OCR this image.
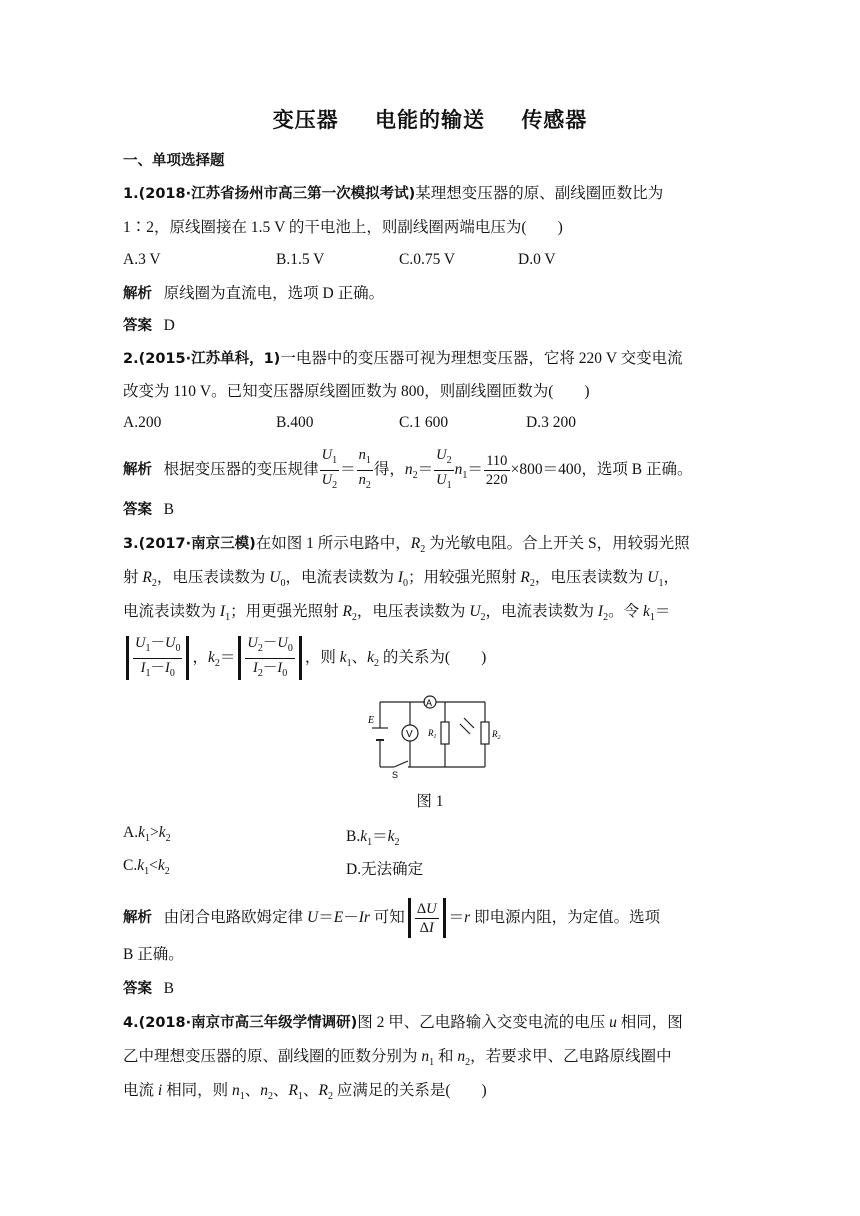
变压器 电能的输送 传感器
一、单项选择题
1.(2018·江苏省扬州市高三第一次模拟考试)某理想变压器的原、副线圈匝数比为
1∶2，原线圈接在 1.5 V 的干电池上，则副线圈两端电压为(　　)
A.3 V	B.1.5 V	C.0.75 V	D.0 V
解析 原线圈为直流电，选项 D 正确。
答案 D
2.(2015·江苏单科，1)一电器中的变压器可视为理想变压器，它将 220 V 交变电流
改变为 110 V。已知变压器原线圈匝数为 800，则副线圈匝数为(　　)
A.200	B.400	C.1 600	D.3 200
解析 根据变压器的变压规律 $\frac{U_1}{U_2} = \frac{n_1}{n_2}$ 得，$n_2= \frac{U_2}{U_1} n_1= \frac{110}{220} \times 800=400$，选项 B 正确。
答案 B
3.(2017·南京三模)在如图 1 所示电路中，$R_2$ 为光敏电阻。合上开关 S，用较弱光照
射 $R_2$，电压表读数为 $U_0$，电流表读数为 $I_0$；用较强光照射 $R_2$，电压表读数为 $U_1$，
电流表读数为 $I_1$；用更强光照射 $R_2$，电压表读数为 $U_2$，电流表读数为 $I_2$。令 $k_1=$
$\frac{U_1-U_0}{I_1-I_0}$ ，$k_2= \frac{U_2-U_0}{I_2-I_0}$ ，则 $k_1$、$k_2$ 的关系为(　　)
E
V
A
$R_1$	$R_2$
S
图 1
$A.k_1>k_2$	$B.k_1=k_2$
$C.k_1<k_2$	D.无法确定
解析 由闭合电路欧姆定律 U＝E－Ir 可知 $\frac{\Delta U}{\Delta I} =r$ 即电源内阻，为定值。选项
B 正确。
答案 B
4.(2018·南京市高三年级学情调研)图 2 甲、乙电路输入交变电流的电压 u 相同，图
乙中理想变压器的原、副线圈的匝数分别为 $n_1$ 和 $n_2$，若要求甲、乙电路原线圈中
电流 i 相同，则 $n_1$、$n_2$、$R_1$、$R_2$ 应满足的关系是(　　)
